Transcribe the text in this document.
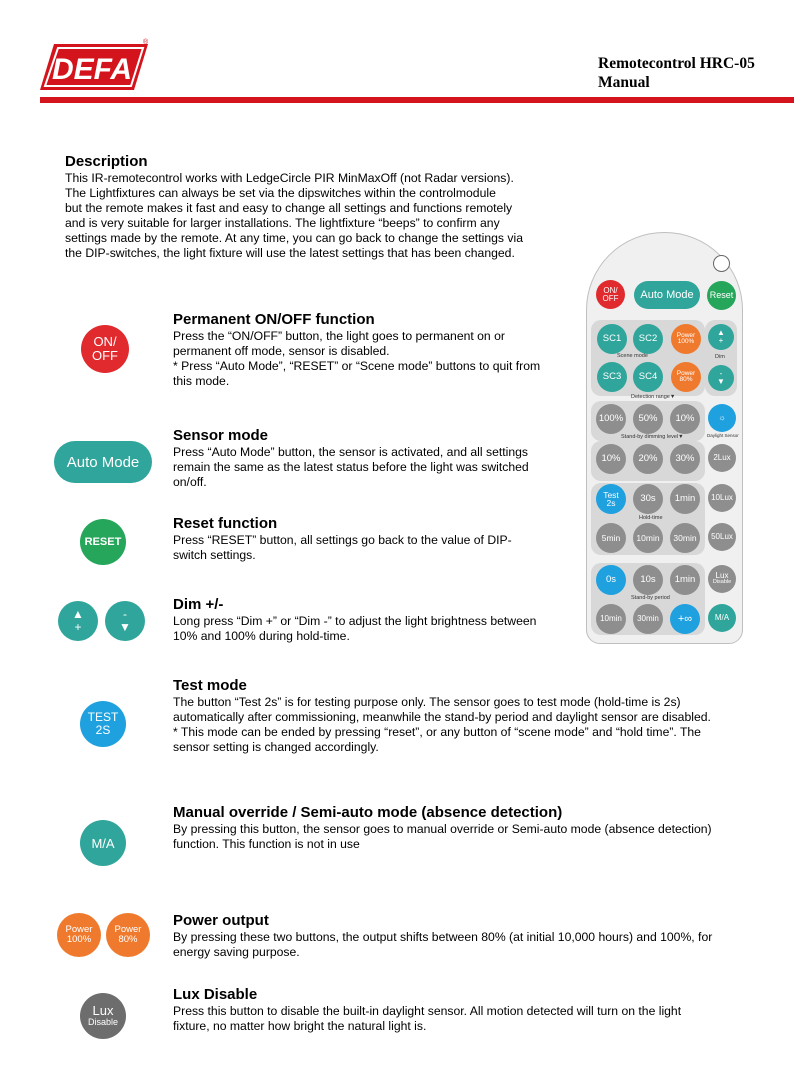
DEFA
®
Remotecontrol HRC-05
Manual
Description
This IR-remotecontrol works with LedgeCircle PIR MinMaxOff (not Radar versions).
The Lightfixtures can always be set via the dipswitches within the controlmodule
but the remote makes it fast and easy to change all settings and functions remotely
and is very suitable for larger installations. The lightfixture “beeps” to confirm any
settings made by the remote. At any time, you can go back to change the settings via
the DIP-switches, the light fixture will use the latest settings that has been changed.
ON/
OFF
Permanent ON/OFF function
Press the “ON/OFF” button, the light goes to permanent on or
permanent off mode, sensor is disabled.
* Press “Auto Mode”, “RESET” or “Scene mode” buttons to quit from
this mode.
Auto Mode
Sensor mode
Press “Auto Mode” button, the sensor is activated, and all settings
remain the same as the latest status before the light was switched
on/off.
RESET
Reset function
Press “RESET” button, all settings go back to the value of DIP-
switch settings.
▲
+
-
▼
Dim +/-
Long press “Dim +” or “Dim -” to adjust the light brightness between
10% and 100% during hold-time.
TEST
2S
Test mode
The button “Test 2s” is for testing purpose only. The sensor goes to test mode (hold-time is 2s)
automatically after commissioning, meanwhile the stand-by period and daylight sensor are disabled.
* This mode can be ended by pressing “reset”, or any button of “scene mode” and “hold time”. The
sensor setting is changed accordingly.
M/A
Manual override / Semi-auto mode (absence detection)
By pressing this button, the sensor goes to manual override or Semi-auto mode (absence detection)
function. This function is not in use
Power
100%
Power
80%
Power output
By pressing these two buttons, the output shifts between 80% (at initial 10,000 hours) and 100%, for
energy saving purpose.
Lux
Disable
Lux Disable
Press this button to disable the built-in daylight sensor. All motion detected will turn on the light
fixture, no matter how bright the natural light is.
ON/
OFF	Auto Mode	Reset
SC1	SC2	Power
100%
▲
+
Scene mode	Dim
SC3	SC4	Power
80%
-
▼
Detection range▼
100%	50%	10%	☼
Daylight Sensor
Stand-by dimming level▼
10%	20%	30%	2Lux
Test
2s	30s	1min	10Lux
Hold-time
5min	10min	30min	50Lux
0s	10s	1min	Lux
Disable
Stand-by period
10min	30min	+∞	M/A
